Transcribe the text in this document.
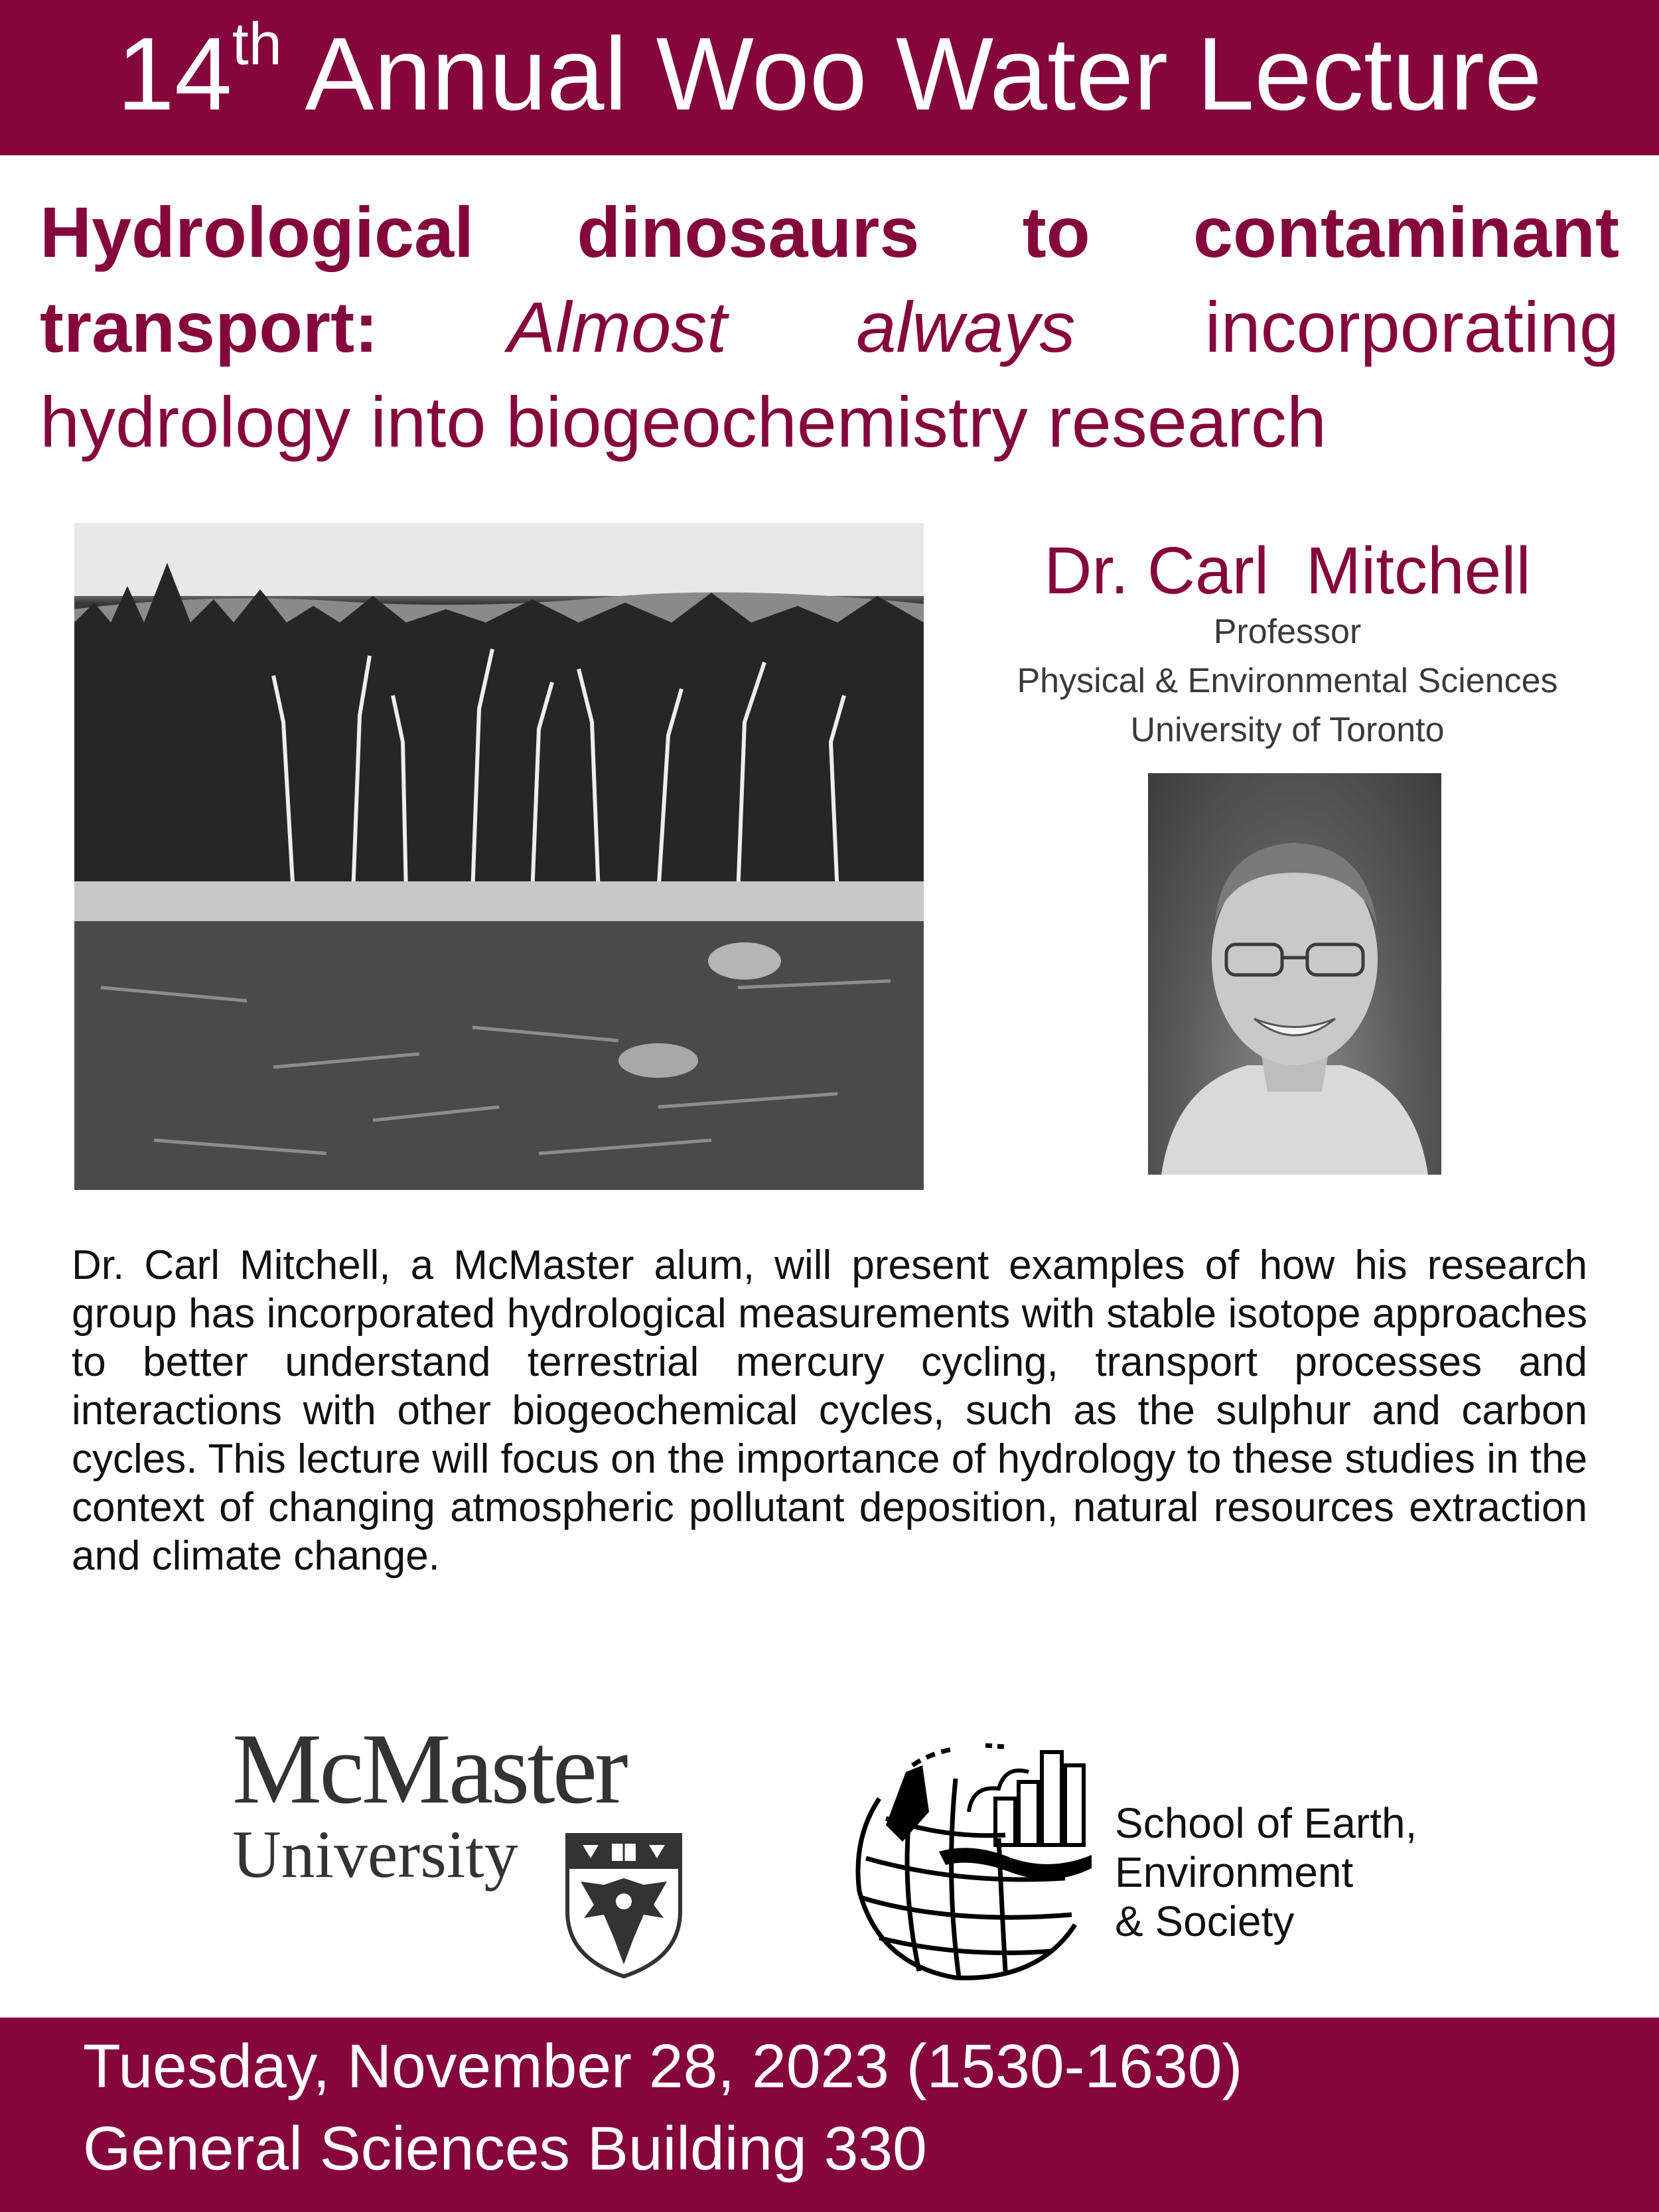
14th Annual Woo Water Lecture
Hydrological dinosaurs to contaminant
transport: Almost always incorporating
hydrology into biogeochemistry research
Dr. Carl  Mitchell
Professor
Physical & Environmental Sciences
University of Toronto
Dr. Carl Mitchell, a McMaster alum, will present examples of how his research group has incorporated hydrological measurements with stable isotope approaches to better understand terrestrial mercury cycling, transport processes and interactions with other biogeochemical cycles, such as the sulphur and carbon cycles. This lecture will focus on the importance of hydrology to these studies in the context of changing atmospheric pollutant deposition, natural resources extraction and climate change.
McMaster
University	School of Earth,
Environment
& Society
Tuesday, November 28, 2023 (1530-1630)
General Sciences Building 330
